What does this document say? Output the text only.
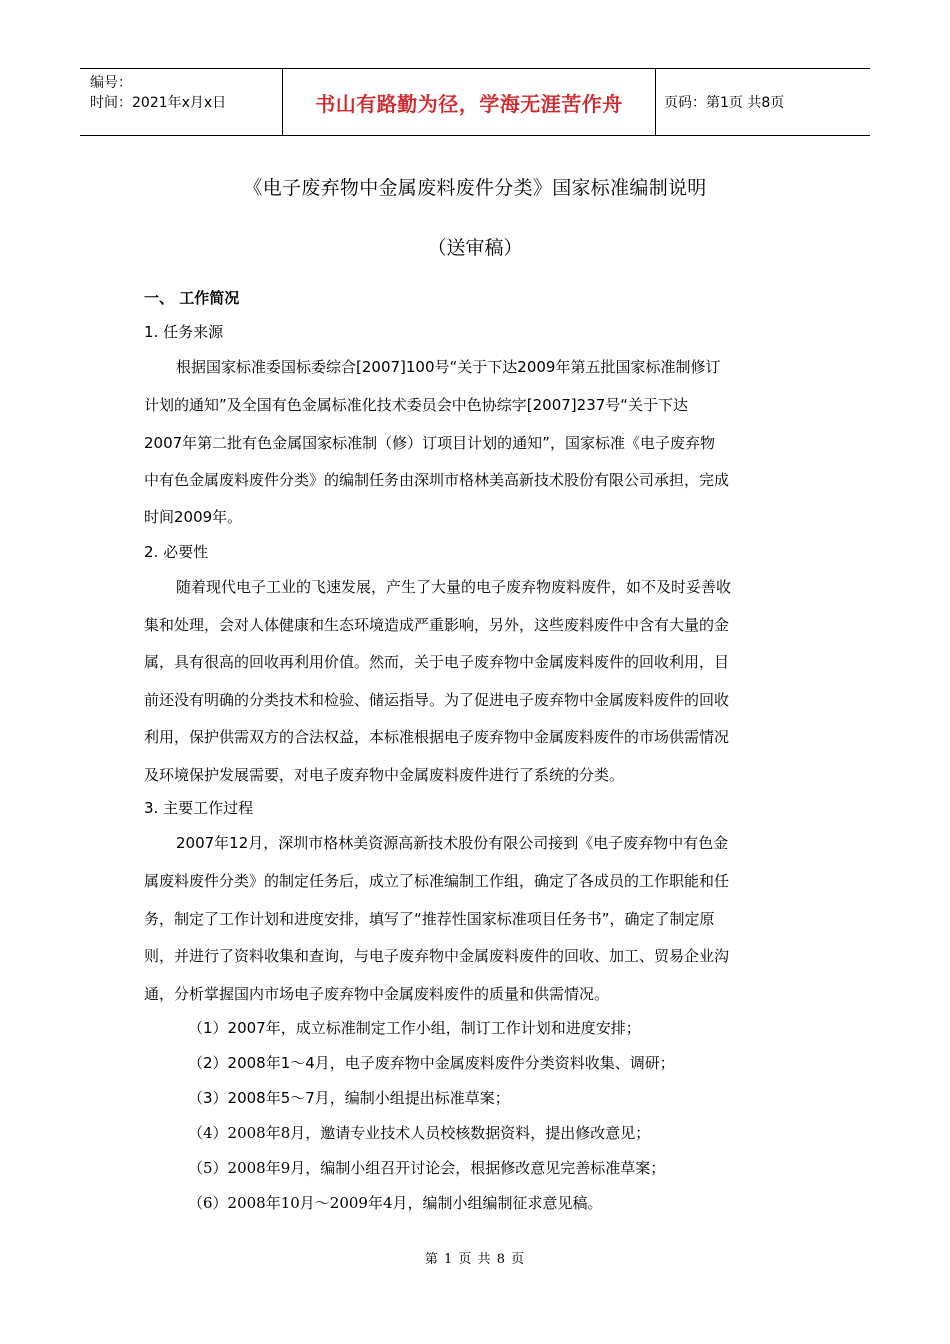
编号：
时间：2021年x月x日	书山有路勤为径，学海无涯苦作舟	页码：第1页 共8页
《电子废弃物中金属废料废件分类》国家标准编制说明
（送审稿）
一、 工作简况
1. 任务来源
根据国家标准委国标委综合[2007]100号“关于下达2009年第五批国家标准制修订
计划的通知”及全国有色金属标准化技术委员会中色协综字[2007]237号“关于下达
2007年第二批有色金属国家标准制（修）订项目计划的通知”，国家标准《电子废弃物
中有色金属废料废件分类》的编制任务由深圳市格林美高新技术股份有限公司承担，完成
时间2009年。
2. 必要性
随着现代电子工业的飞速发展，产生了大量的电子废弃物废料废件，如不及时妥善收
集和处理，会对人体健康和生态环境造成严重影响，另外，这些废料废件中含有大量的金
属，具有很高的回收再利用价值。然而，关于电子废弃物中金属废料废件的回收利用，目
前还没有明确的分类技术和检验、储运指导。为了促进电子废弃物中金属废料废件的回收
利用，保护供需双方的合法权益，本标准根据电子废弃物中金属废料废件的市场供需情况
及环境保护发展需要，对电子废弃物中金属废料废件进行了系统的分类。
3. 主要工作过程
2007年12月，深圳市格林美资源高新技术股份有限公司接到《电子废弃物中有色金
属废料废件分类》的制定任务后，成立了标准编制工作组，确定了各成员的工作职能和任
务，制定了工作计划和进度安排，填写了“推荐性国家标准项目任务书”，确定了制定原
则，并进行了资料收集和查询，与电子废弃物中金属废料废件的回收、加工、贸易企业沟
通，分析掌握国内市场电子废弃物中金属废料废件的质量和供需情况。
（1）2007年，成立标准制定工作小组，制订工作计划和进度安排；
（2）2008年1～4月，电子废弃物中金属废料废件分类资料收集、调研；
（3）2008年5～7月，编制小组提出标准草案；
（4）2008年8月，邀请专业技术人员校核数据资料，提出修改意见；
（5）2008年9月，编制小组召开讨论会，根据修改意见完善标准草案；
（6）2008年10月～2009年4月，编制小组编制征求意见稿。
第 1 页 共 8 页
